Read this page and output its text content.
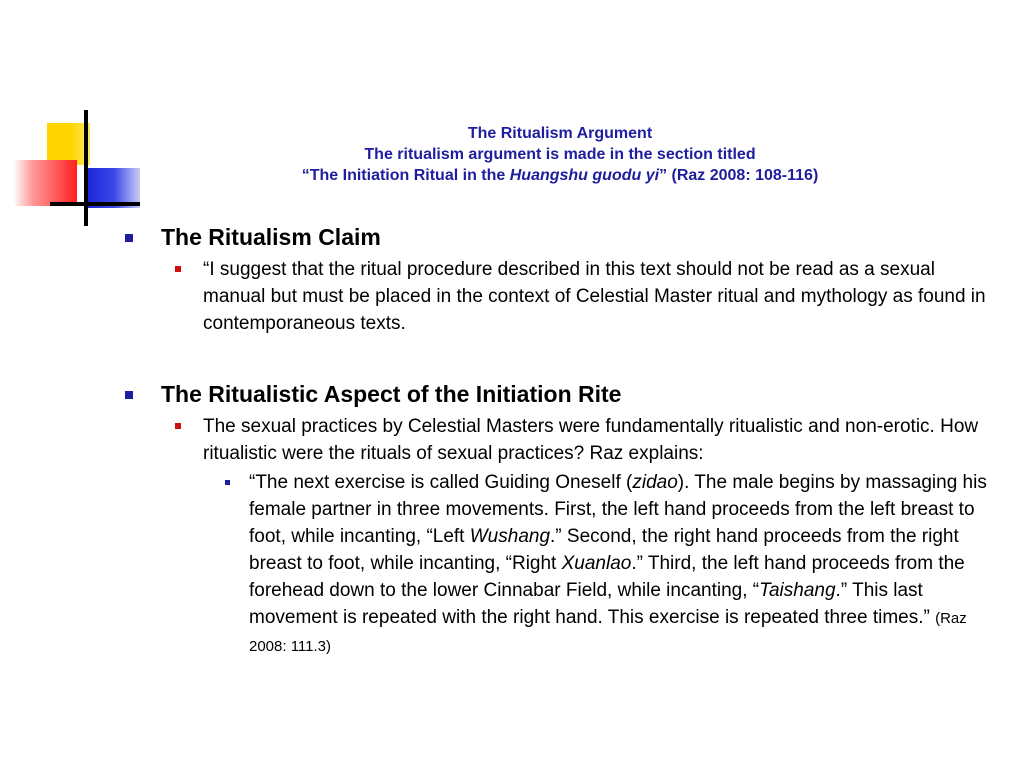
The Ritualism Argument
The ritualism argument is made in the section titled
“The Initiation Ritual in the Huangshu guodu yi” (Raz 2008: 108-116)
The Ritualism Claim
“I suggest that the ritual procedure described in this text should not be read as a sexual manual but must be placed in the context of Celestial Master ritual and mythology as found in contemporaneous texts.
The Ritualistic Aspect of the Initiation Rite
The sexual practices by Celestial Masters were fundamentally ritualistic and non-erotic. How ritualistic were the rituals of sexual practices? Raz explains:
“The next exercise is called Guiding Oneself (zidao). The male begins by massaging his female partner in three movements. First, the left hand proceeds from the left breast to foot, while incanting, “Left Wushang.” Second, the right hand proceeds from the right breast to foot, while incanting, “Right Xuanlao.” Third, the left hand proceeds from the forehead down to the lower Cinnabar Field, while incanting, “Taishang.” This last movement is repeated with the right hand. This exercise is repeated three times.” (Raz 2008: 111.3)
